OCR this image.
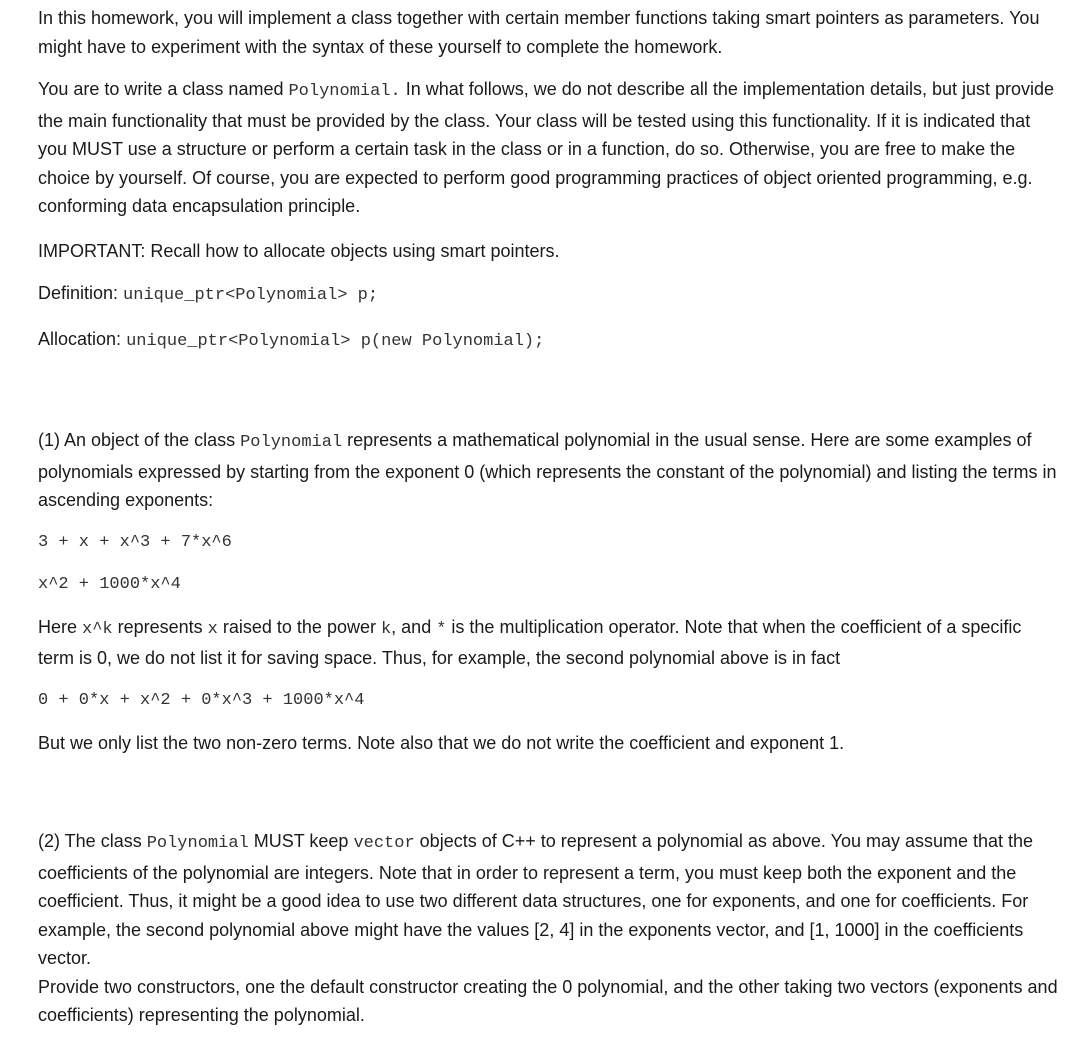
In this homework, you will implement a class together with certain member functions taking smart pointers as parameters. You might have to experiment with the syntax of these yourself to complete the homework.

You are to write a class named Polynomial. In what follows, we do not describe all the implementation details, but just provide the main functionality that must be provided by the class. Your class will be tested using this functionality. If it is indicated that you MUST use a structure or perform a certain task in the class or in a function, do so. Otherwise, you are free to make the choice by yourself. Of course, you are expected to perform good programming practices of object oriented programming, e.g. conforming data encapsulation principle.

IMPORTANT: Recall how to allocate objects using smart pointers.

Definition: unique_ptr<Polynomial> p;

Allocation: unique_ptr<Polynomial> p(new Polynomial);

(1) An object of the class Polynomial represents a mathematical polynomial in the usual sense. Here are some examples of polynomials expressed by starting from the exponent 0 (which represents the constant of the polynomial) and listing the terms in ascending exponents:

3 + x + x^3 + 7*x^6

x^2 + 1000*x^4

Here x^k represents x raised to the power k, and * is the multiplication operator. Note that when the coefficient of a specific term is 0, we do not list it for saving space. Thus, for example, the second polynomial above is in fact

0 + 0*x + x^2 + 0*x^3 + 1000*x^4

But we only list the two non-zero terms. Note also that we do not write the coefficient and exponent 1.

(2) The class Polynomial MUST keep vector objects of C++ to represent a polynomial as above. You may assume that the coefficients of the polynomial are integers. Note that in order to represent a term, you must keep both the exponent and the coefficient. Thus, it might be a good idea to use two different data structures, one for exponents, and one for coefficients. For example, the second polynomial above might have the values [2, 4] in the exponents vector, and [1, 1000] in the coefficients vector.

Provide two constructors, one the default constructor creating the 0 polynomial, and the other taking two vectors (exponents and coefficients) representing the polynomial.
